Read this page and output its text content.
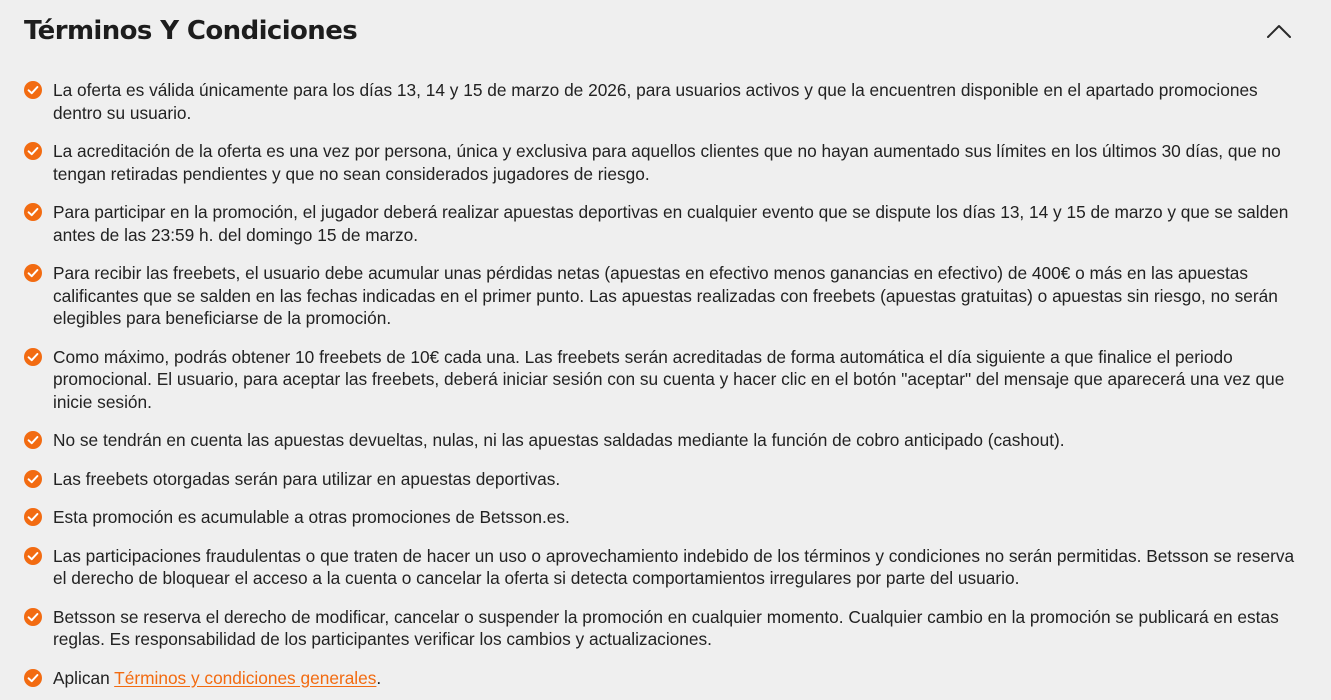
Términos Y Condiciones
La oferta es válida únicamente para los días 13, 14 y 15 de marzo de 2026, para usuarios activos y que la encuentren disponible en el apartado promociones dentro su usuario.
La acreditación de la oferta es una vez por persona, única y exclusiva para aquellos clientes que no hayan aumentado sus límites en los últimos 30 días, que no tengan retiradas pendientes y que no sean considerados jugadores de riesgo.
Para participar en la promoción, el jugador deberá realizar apuestas deportivas en cualquier evento que se dispute los días 13, 14 y 15 de marzo y que se salden antes de las 23:59 h. del domingo 15 de marzo.
Para recibir las freebets, el usuario debe acumular unas pérdidas netas (apuestas en efectivo menos ganancias en efectivo) de 400€ o más en las apuestas calificantes que se salden en las fechas indicadas en el primer punto. Las apuestas realizadas con freebets (apuestas gratuitas) o apuestas sin riesgo, no serán elegibles para beneficiarse de la promoción.
Como máximo, podrás obtener 10 freebets de 10€ cada una. Las freebets serán acreditadas de forma automática el día siguiente a que finalice el periodo promocional. El usuario, para aceptar las freebets, deberá iniciar sesión con su cuenta y hacer clic en el botón "aceptar" del mensaje que aparecerá una vez que inicie sesión.
No se tendrán en cuenta las apuestas devueltas, nulas, ni las apuestas saldadas mediante la función de cobro anticipado (cashout).
Las freebets otorgadas serán para utilizar en apuestas deportivas.
Esta promoción es acumulable a otras promociones de Betsson.es.
Las participaciones fraudulentas o que traten de hacer un uso o aprovechamiento indebido de los términos y condiciones no serán permitidas. Betsson se reserva el derecho de bloquear el acceso a la cuenta o cancelar la oferta si detecta comportamientos irregulares por parte del usuario.
Betsson se reserva el derecho de modificar, cancelar o suspender la promoción en cualquier momento. Cualquier cambio en la promoción se publicará en estas reglas. Es responsabilidad de los participantes verificar los cambios y actualizaciones.
Aplican Términos y condiciones generales.
